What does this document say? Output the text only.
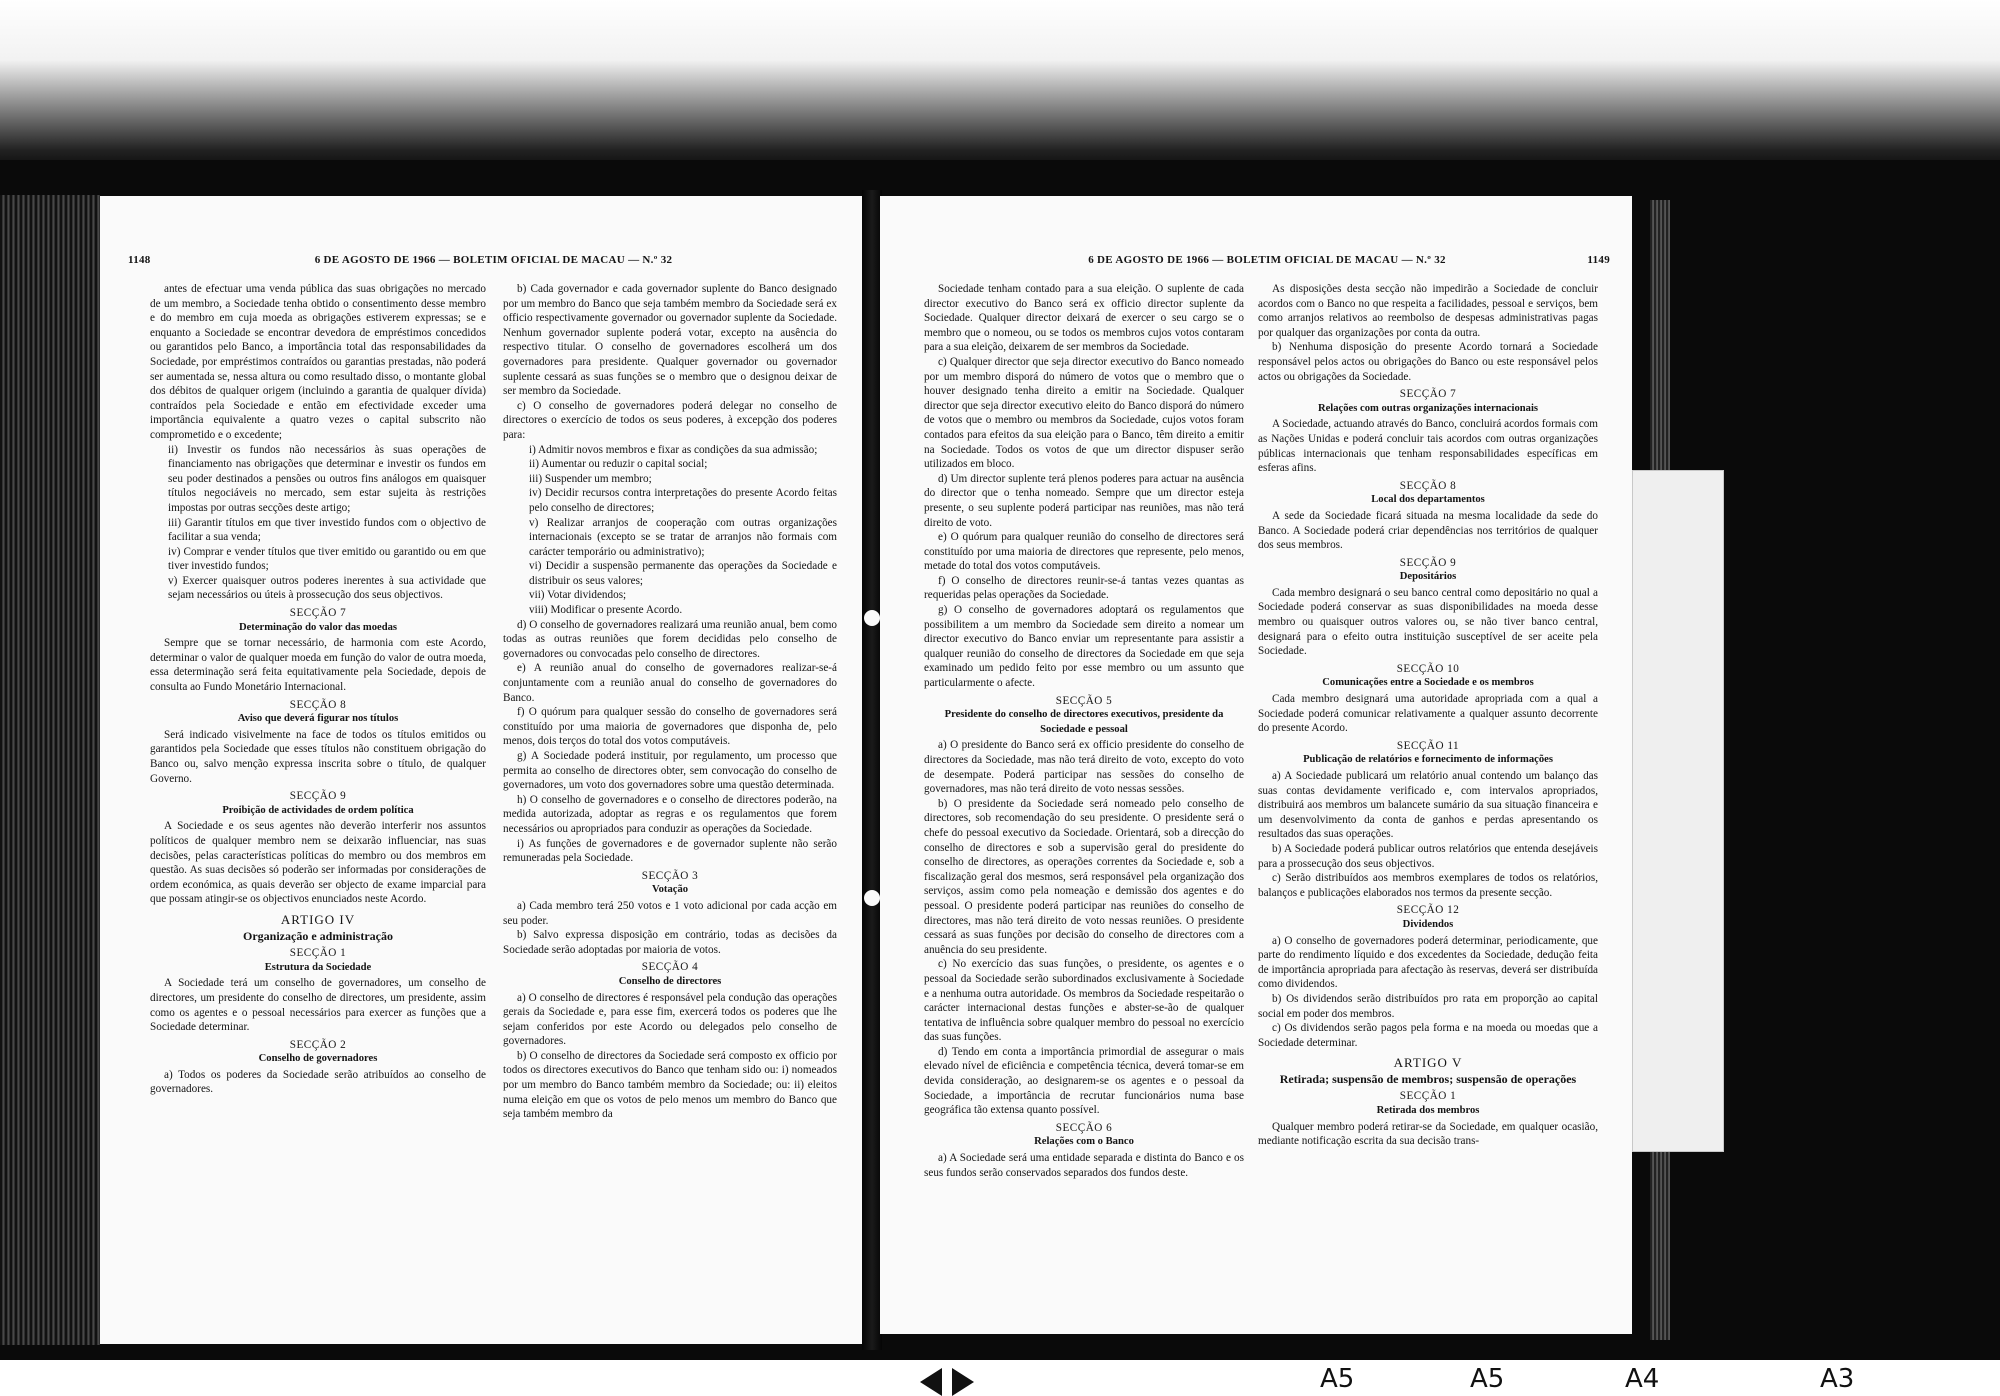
1148	6 DE AGOSTO DE 1966 — BOLETIM OFICIAL DE MACAU — N.º 32

antes de efectuar uma venda pública das suas obrigações no mercado de um membro, a Sociedade tenha obtido o consentimento desse membro e do membro em cuja moeda as obrigações estiverem expressas; se e enquanto a Sociedade se encontrar devedora de empréstimos concedidos ou garantidos pelo Banco, a importância total das responsabilidades da Sociedade, por empréstimos contraídos ou garantias prestadas, não poderá ser aumentada se, nessa altura ou como resultado disso, o montante global dos débitos de qualquer origem (incluindo a garantia de qualquer dívida) contraídos pela Sociedade e então em efectividade exceder uma importância equivalente a quatro vezes o capital subscrito não comprometido e o excedente;

ii) Investir os fundos não necessários às suas operações de financiamento nas obrigações que determinar e investir os fundos em seu poder destinados a pensões ou outros fins análogos em quaisquer títulos negociáveis no mercado, sem estar sujeita às restrições impostas por outras secções deste artigo;

iii) Garantir títulos em que tiver investido fundos com o objectivo de facilitar a sua venda;

iv) Comprar e vender títulos que tiver emitido ou garantido ou em que tiver investido fundos;

v) Exercer quaisquer outros poderes inerentes à sua actividade que sejam necessários ou úteis à prossecução dos seus objectivos.

SECÇÃO 7

Determinação do valor das moedas

Sempre que se tornar necessário, de harmonia com este Acordo, determinar o valor de qualquer moeda em função do valor de outra moeda, essa determinação será feita equitativamente pela Sociedade, depois de consulta ao Fundo Monetário Internacional.

SECÇÃO 8

Aviso que deverá figurar nos títulos

Será indicado visivelmente na face de todos os títulos emitidos ou garantidos pela Sociedade que esses títulos não constituem obrigação do Banco ou, salvo menção expressa inscrita sobre o título, de qualquer Governo.

SECÇÃO 9

Proibição de actividades de ordem política

A Sociedade e os seus agentes não deverão interferir nos assuntos políticos de qualquer membro nem se deixarão influenciar, nas suas decisões, pelas características políticas do membro ou dos membros em questão. As suas decisões só poderão ser informadas por considerações de ordem económica, as quais deverão ser objecto de exame imparcial para que possam atingir-se os objectivos enunciados neste Acordo.

ARTIGO IV

Organização e administração

SECÇÃO 1

Estrutura da Sociedade

A Sociedade terá um conselho de governadores, um conselho de directores, um presidente do conselho de directores, um presidente, assim como os agentes e o pessoal necessários para exercer as funções que a Sociedade determinar.

SECÇÃO 2

Conselho de governadores

a) Todos os poderes da Sociedade serão atribuídos ao conselho de governadores.

b) Cada governador e cada governador suplente do Banco designado por um membro do Banco que seja também membro da Sociedade será ex officio respectivamente governador ou governador suplente da Sociedade. Nenhum governador suplente poderá votar, excepto na ausência do respectivo titular. O conselho de governadores escolherá um dos governadores para presidente. Qualquer governador ou governador suplente cessará as suas funções se o membro que o designou deixar de ser membro da Sociedade.

c) O conselho de governadores poderá delegar no conselho de directores o exercício de todos os seus poderes, à excepção dos poderes para:

i) Admitir novos membros e fixar as condições da sua admissão;

ii) Aumentar ou reduzir o capital social;

iii) Suspender um membro;

iv) Decidir recursos contra interpretações do presente Acordo feitas pelo conselho de directores;

v) Realizar arranjos de cooperação com outras organizações internacionais (excepto se se tratar de arranjos não formais com carácter temporário ou administrativo);

vi) Decidir a suspensão permanente das operações da Sociedade e distribuir os seus valores;

vii) Votar dividendos;

viii) Modificar o presente Acordo.

d) O conselho de governadores realizará uma reunião anual, bem como todas as outras reuniões que forem decididas pelo conselho de governadores ou convocadas pelo conselho de directores.

e) A reunião anual do conselho de governadores realizar-se-á conjuntamente com a reunião anual do conselho de governadores do Banco.

f) O quórum para qualquer sessão do conselho de governadores será constituído por uma maioria de governadores que disponha de, pelo menos, dois terços do total dos votos computáveis.

g) A Sociedade poderá instituir, por regulamento, um processo que permita ao conselho de directores obter, sem convocação do conselho de governadores, um voto dos governadores sobre uma questão determinada.

h) O conselho de governadores e o conselho de directores poderão, na medida autorizada, adoptar as regras e os regulamentos que forem necessários ou apropriados para conduzir as operações da Sociedade.

i) As funções de governadores e de governador suplente não serão remuneradas pela Sociedade.

SECÇÃO 3

Votação

a) Cada membro terá 250 votos e 1 voto adicional por cada acção em seu poder.

b) Salvo expressa disposição em contrário, todas as decisões da Sociedade serão adoptadas por maioria de votos.

SECÇÃO 4

Conselho de directores

a) O conselho de directores é responsável pela condução das operações gerais da Sociedade e, para esse fim, exercerá todos os poderes que lhe sejam conferidos por este Acordo ou delegados pelo conselho de governadores.

b) O conselho de directores da Sociedade será composto ex officio por todos os directores executivos do Banco que tenham sido ou: i) nomeados por um membro do Banco também membro da Sociedade; ou: ii) eleitos numa eleição em que os votos de pelo menos um membro do Banco que seja também membro da

6 DE AGOSTO DE 1966 — BOLETIM OFICIAL DE MACAU — N.º 32	1149

Sociedade tenham contado para a sua eleição. O suplente de cada director executivo do Banco será ex officio director suplente da Sociedade. Qualquer director deixará de exercer o seu cargo se o membro que o nomeou, ou se todos os membros cujos votos contaram para a sua eleição, deixarem de ser membros da Sociedade.

c) Qualquer director que seja director executivo do Banco nomeado por um membro disporá do número de votos que o membro que o houver designado tenha direito a emitir na Sociedade. Qualquer director que seja director executivo eleito do Banco disporá do número de votos que o membro ou membros da Sociedade, cujos votos foram contados para efeitos da sua eleição para o Banco, têm direito a emitir na Sociedade. Todos os votos de que um director dispuser serão utilizados em bloco.

d) Um director suplente terá plenos poderes para actuar na ausência do director que o tenha nomeado. Sempre que um director esteja presente, o seu suplente poderá participar nas reuniões, mas não terá direito de voto.

e) O quórum para qualquer reunião do conselho de directores será constituído por uma maioria de directores que represente, pelo menos, metade do total dos votos computáveis.

f) O conselho de directores reunir-se-á tantas vezes quantas as requeridas pelas operações da Sociedade.

g) O conselho de governadores adoptará os regulamentos que possibilitem a um membro da Sociedade sem direito a nomear um director executivo do Banco enviar um representante para assistir a qualquer reunião do conselho de directores da Sociedade em que seja examinado um pedido feito por esse membro ou um assunto que particularmente o afecte.

SECÇÃO 5

Presidente do conselho de directores executivos, presidente da Sociedade e pessoal

a) O presidente do Banco será ex officio presidente do conselho de directores da Sociedade, mas não terá direito de voto, excepto do voto de desempate. Poderá participar nas sessões do conselho de governadores, mas não terá direito de voto nessas sessões.

b) O presidente da Sociedade será nomeado pelo conselho de directores, sob recomendação do seu presidente. O presidente será o chefe do pessoal executivo da Sociedade. Orientará, sob a direcção do conselho de directores e sob a supervisão geral do presidente do conselho de directores, as operações correntes da Sociedade e, sob a fiscalização geral dos mesmos, será responsável pela organização dos serviços, assim como pela nomeação e demissão dos agentes e do pessoal. O presidente poderá participar nas reuniões do conselho de directores, mas não terá direito de voto nessas reuniões. O presidente cessará as suas funções por decisão do conselho de directores com a anuência do seu presidente.

c) No exercício das suas funções, o presidente, os agentes e o pessoal da Sociedade serão subordinados exclusivamente à Sociedade e a nenhuma outra autoridade. Os membros da Sociedade respeitarão o carácter internacional destas funções e abster-se-ão de qualquer tentativa de influência sobre qualquer membro do pessoal no exercício das suas funções.

d) Tendo em conta a importância primordial de assegurar o mais elevado nível de eficiência e competência técnica, deverá tomar-se em devida consideração, ao designarem-se os agentes e o pessoal da Sociedade, a importância de recrutar funcionários numa base geográfica tão extensa quanto possível.

SECÇÃO 6

Relações com o Banco

a) A Sociedade será uma entidade separada e distinta do Banco e os seus fundos serão conservados separados dos fundos deste.

As disposições desta secção não impedirão a Sociedade de concluir acordos com o Banco no que respeita a facilidades, pessoal e serviços, bem como arranjos relativos ao reembolso de despesas administrativas pagas por qualquer das organizações por conta da outra.

b) Nenhuma disposição do presente Acordo tornará a Sociedade responsável pelos actos ou obrigações do Banco ou este responsável pelos actos ou obrigações da Sociedade.

SECÇÃO 7

Relações com outras organizações internacionais

A Sociedade, actuando através do Banco, concluirá acordos formais com as Nações Unidas e poderá concluir tais acordos com outras organizações públicas internacionais que tenham responsabilidades específicas em esferas afins.

SECÇÃO 8

Local dos departamentos

A sede da Sociedade ficará situada na mesma localidade da sede do Banco. A Sociedade poderá criar dependências nos territórios de qualquer dos seus membros.

SECÇÃO 9

Depositários

Cada membro designará o seu banco central como depositário no qual a Sociedade poderá conservar as suas disponibilidades na moeda desse membro ou quaisquer outros valores ou, se não tiver banco central, designará para o efeito outra instituição susceptível de ser aceite pela Sociedade.

SECÇÃO 10

Comunicações entre a Sociedade e os membros

Cada membro designará uma autoridade apropriada com a qual a Sociedade poderá comunicar relativamente a qualquer assunto decorrente do presente Acordo.

SECÇÃO 11

Publicação de relatórios e fornecimento de informações

a) A Sociedade publicará um relatório anual contendo um balanço das suas contas devidamente verificado e, com intervalos apropriados, distribuirá aos membros um balancete sumário da sua situação financeira e um desenvolvimento da conta de ganhos e perdas apresentando os resultados das suas operações.

b) A Sociedade poderá publicar outros relatórios que entenda desejáveis para a prossecução dos seus objectivos.

c) Serão distribuídos aos membros exemplares de todos os relatórios, balanços e publicações elaborados nos termos da presente secção.

SECÇÃO 12

Dividendos

a) O conselho de governadores poderá determinar, periodicamente, que parte do rendimento líquido e dos excedentes da Sociedade, dedução feita de importância apropriada para afectação às reservas, deverá ser distribuída como dividendos.

b) Os dividendos serão distribuídos pro rata em proporção ao capital social em poder dos membros.

c) Os dividendos serão pagos pela forma e na moeda ou moedas que a Sociedade determinar.

ARTIGO V

Retirada; suspensão de membros; suspensão de operações

SECÇÃO 1

Retirada dos membros

Qualquer membro poderá retirar-se da Sociedade, em qualquer ocasião, mediante notificação escrita da sua decisão trans-

A5	A5	A4	A3
